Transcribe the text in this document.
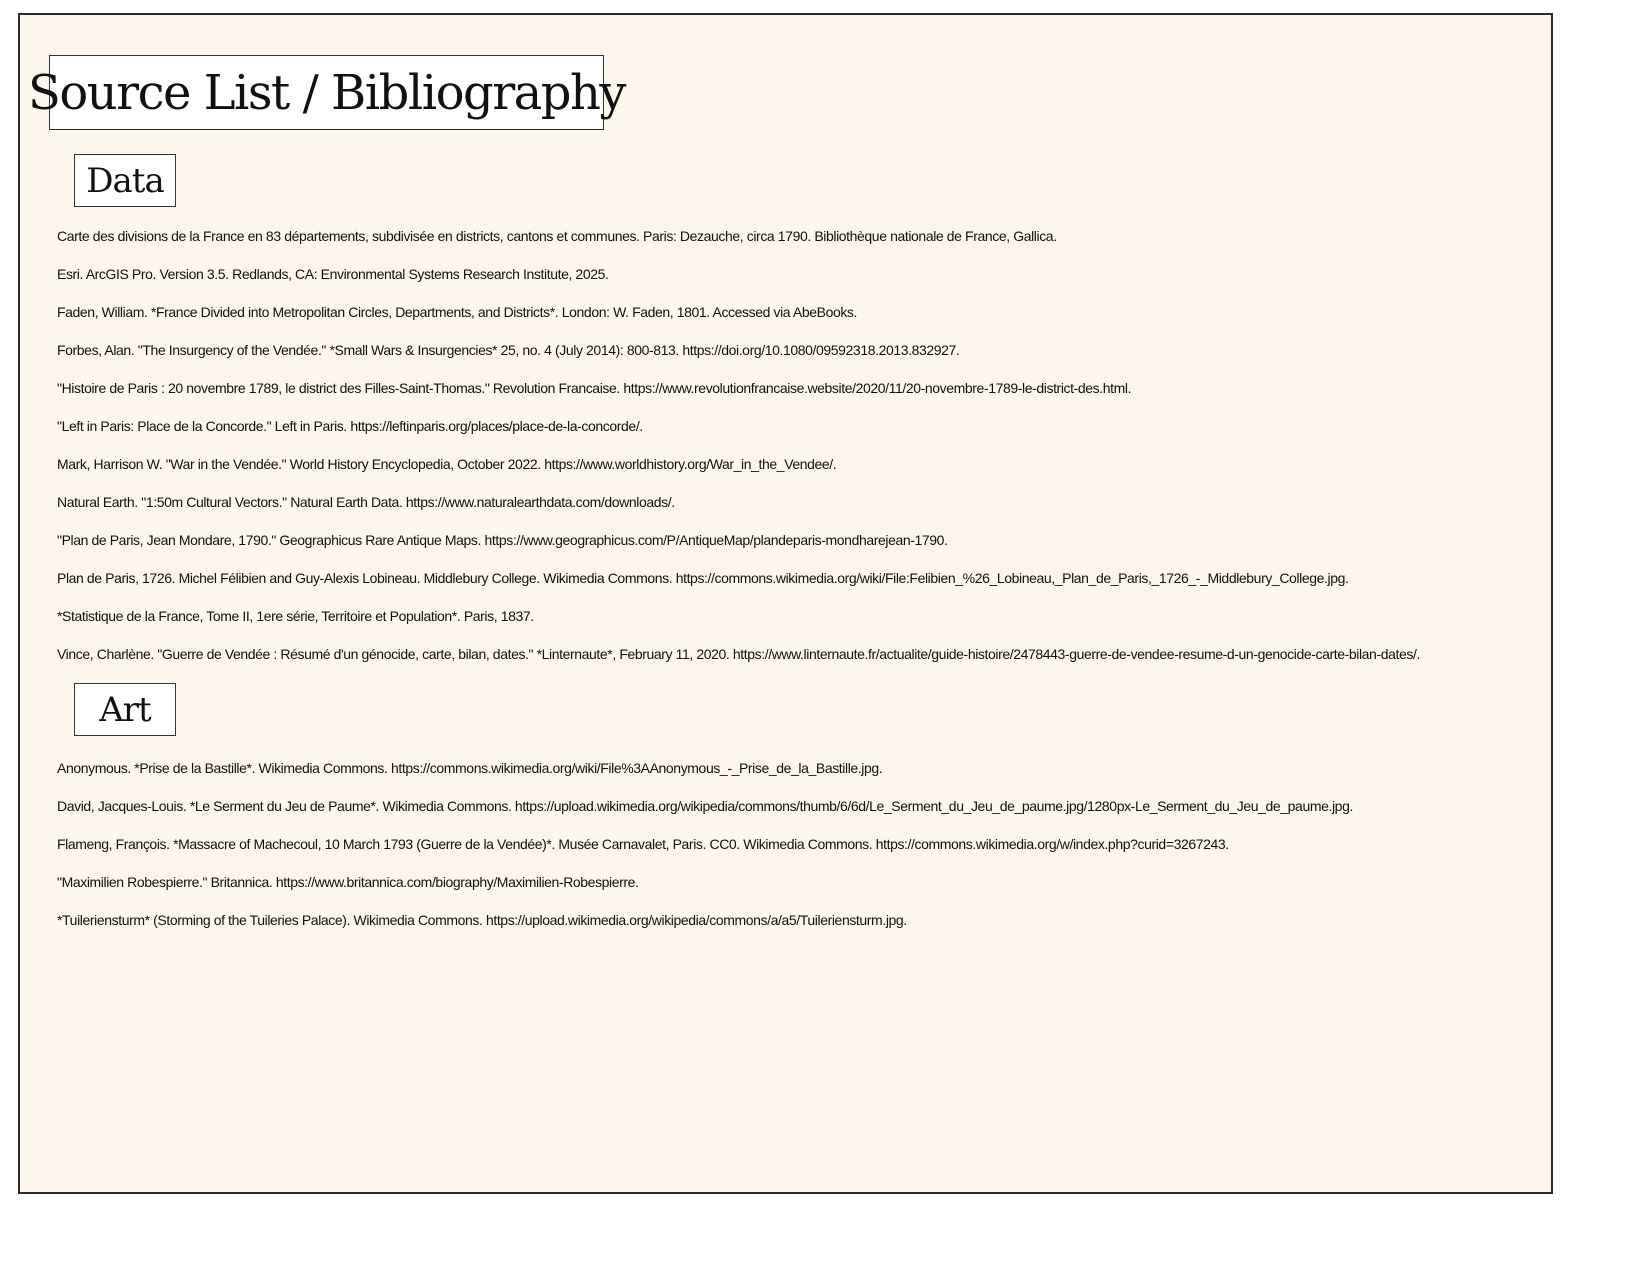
Source List / Bibliography
Data
Carte des divisions de la France en 83 départements, subdivisée en districts, cantons et communes. Paris: Dezauche, circa 1790. Bibliothèque nationale de France, Gallica.
Esri. ArcGIS Pro. Version 3.5. Redlands, CA: Environmental Systems Research Institute, 2025.
Faden, William. *France Divided into Metropolitan Circles, Departments, and Districts*. London: W. Faden, 1801. Accessed via AbeBooks.
Forbes, Alan. "The Insurgency of the Vendée." *Small Wars & Insurgencies* 25, no. 4 (July 2014): 800-813. https://doi.org/10.1080/09592318.2013.832927.
"Histoire de Paris : 20 novembre 1789, le district des Filles-Saint-Thomas." Revolution Francaise. https://www.revolutionfrancaise.website/2020/11/20-novembre-1789-le-district-des.html.
"Left in Paris: Place de la Concorde." Left in Paris. https://leftinparis.org/places/place-de-la-concorde/.
Mark, Harrison W. "War in the Vendée." World History Encyclopedia, October 2022. https://www.worldhistory.org/War_in_the_Vendee/.
Natural Earth. "1:50m Cultural Vectors." Natural Earth Data. https://www.naturalearthdata.com/downloads/.
"Plan de Paris, Jean Mondare, 1790." Geographicus Rare Antique Maps. https://www.geographicus.com/P/AntiqueMap/plandeparis-mondharejean-1790.
Plan de Paris, 1726. Michel Félibien and Guy-Alexis Lobineau. Middlebury College. Wikimedia Commons. https://commons.wikimedia.org/wiki/File:Felibien_%26_Lobineau,_Plan_de_Paris,_1726_-_Middlebury_College.jpg.
*Statistique de la France, Tome II, 1ere série, Territoire et Population*. Paris, 1837.
Vince, Charlène. "Guerre de Vendée : Résumé d'un génocide, carte, bilan, dates." *Linternaute*, February 11, 2020. https://www.linternaute.fr/actualite/guide-histoire/2478443-guerre-de-vendee-resume-d-un-genocide-carte-bilan-dates/.
Art
Anonymous. *Prise de la Bastille*. Wikimedia Commons. https://commons.wikimedia.org/wiki/File%3AAnonymous_-_Prise_de_la_Bastille.jpg.
David, Jacques-Louis. *Le Serment du Jeu de Paume*. Wikimedia Commons. https://upload.wikimedia.org/wikipedia/commons/thumb/6/6d/Le_Serment_du_Jeu_de_paume.jpg/1280px-Le_Serment_du_Jeu_de_paume.jpg.
Flameng, François. *Massacre of Machecoul, 10 March 1793 (Guerre de la Vendée)*. Musée Carnavalet, Paris. CC0. Wikimedia Commons. https://commons.wikimedia.org/w/index.php?curid=3267243.
"Maximilien Robespierre." Britannica. https://www.britannica.com/biography/Maximilien-Robespierre.
*Tuileriensturm* (Storming of the Tuileries Palace). Wikimedia Commons. https://upload.wikimedia.org/wikipedia/commons/a/a5/Tuileriensturm.jpg.
